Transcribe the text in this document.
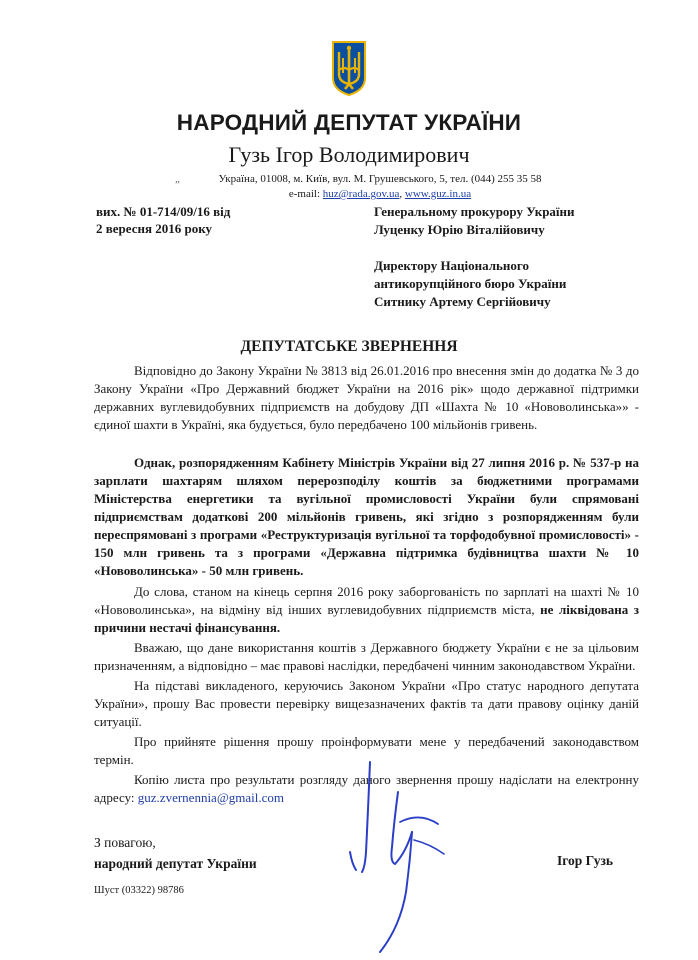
НАРОДНИЙ ДЕПУТАТ УКРАЇНИ
Гузь Ігор Володимирович
„	Україна, 01008, м. Київ, вул. М. Грушевського, 5, тел. (044) 255 35 58
e-mail: huz@rada.gov.ua, www.guz.in.ua
вих. № 01-714/09/16 від
2 вересня 2016 року
Генеральному прокурору України
Луценку Юрію Віталійовичу
Директору Національного
антикорупційного бюро України
Ситнику Артему Сергійовичу
ДЕПУТАТСЬКЕ ЗВЕРНЕННЯ

Відповідно до Закону України № 3813 від 26.01.2016 про внесення змін до додатка № 3 до Закону України «Про Державний бюджет України на 2016 рік» щодо державної підтримки державних вуглевидобувних підприємств на добудову ДП «Шахта № 10 «Нововолинська»» - єдиної шахти в Україні, яка будується, було передбачено 100 мільйонів гривень.

Однак, розпорядженням Кабінету Міністрів України від 27 липня 2016 р. № 537-р на зарплати шахтарям шляхом перерозподілу коштів за бюджетними програмами Міністерства енергетики та вугільної промисловості України були спрямовані підприємствам додаткові 200 мільйонів гривень, які згідно з розпорядженням були переспрямовані з програми «Реструктуризація вугільної та торфодобувної промисловості» - 150 млн гривень та з програми «Державна підтримка будівництва шахти № 10 «Нововолинська» - 50 млн гривень.

До слова, станом на кінець серпня 2016 року заборгованість по зарплаті на шахті № 10 «Нововолинська», на відміну від інших вуглевидобувних підприємств міста, не ліквідована з причини нестачі фінансування.

Вважаю, що дане використання коштів з Державного бюджету України є не за цільовим призначенням, а відповідно – має правові наслідки, передбачені чинним законодавством України.

На підставі викладеного, керуючись Законом України «Про статус народного депутата України», прошу Вас провести перевірку вищезазначених фактів та дати правову оцінку даній ситуації.

Про прийняте рішення прошу проінформувати мене у передбачений законодавством термін.

Копію листа про результати розгляду даного звернення прошу надіслати на електронну адресу: guz.zvernennia@gmail.com

З повагою,
народний депутат України	Ігор Гузь
Шуст (03322) 98786
